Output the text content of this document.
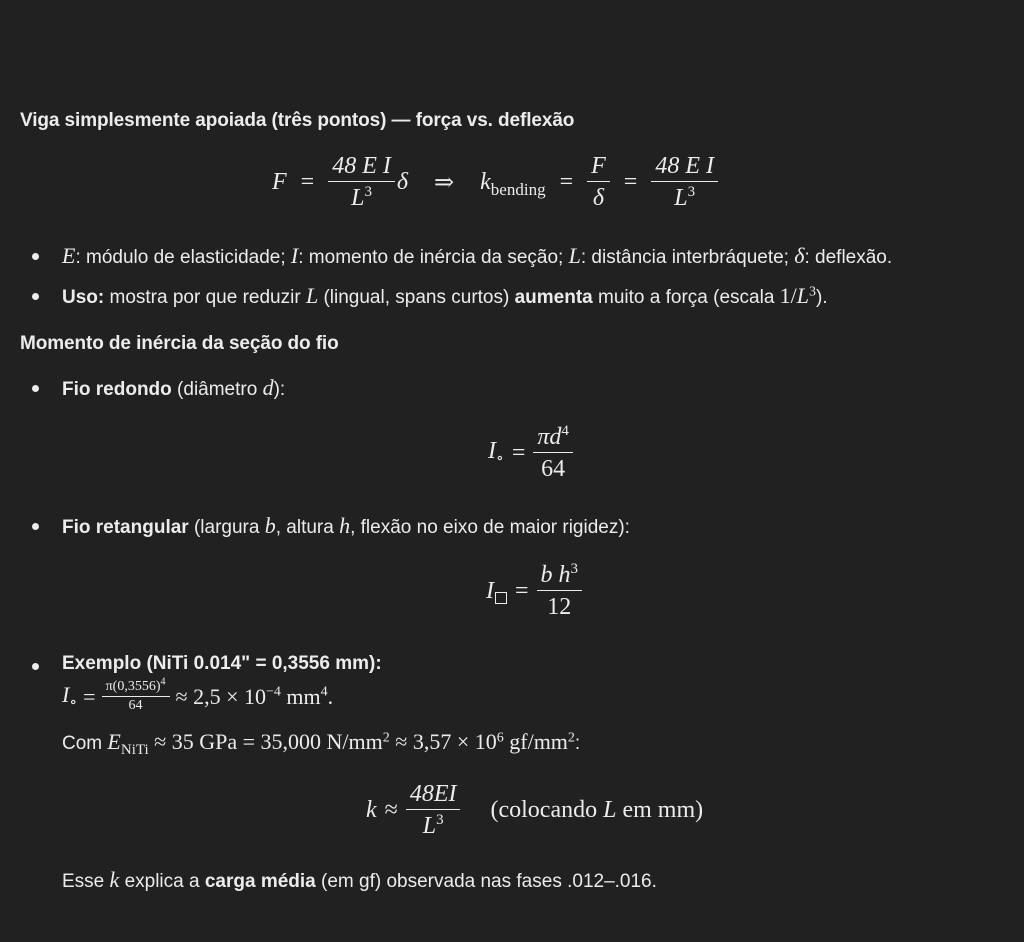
Viga simplesmente apoiada (três pontos) — força vs. deflexão
$F = \frac{\text{48 E I}}{L^3}$ δ ⇒ $k_{bending} = \frac{F}{\delta} = \frac{\text{48 E I}}{L^3}$
E: módulo de elasticidade; I: momento de inércia da seção; L: distância interbráquete; δ: deflexão.
Uso: mostra por que reduzir L (lingual, spans curtos) aumenta muito a força (escala $1/L^3$).
Momento de inércia da seção do fio
Fio redondo (diâmetro d):
$I_\circ = \frac{\pi d^4}{64}$
Fio retangular (largura b, altura h, flexão no eixo de maior rigidez):
$I = \frac{b h^3}{12}$
Exemplo (NiTi 0.014" = 0,3556 mm):
$I_\circ = \frac{\pi(0,3556)^4}{64} \approx 2,5 \times 10^{-4}$ $mm^4$.
Com $E_{NiTi} \approx 35$ GPa = 35,000 $N/mm^2 \approx 3,57 \times 10^6$ $gf/mm^2$:
$k \approx \frac{48EI}{L^3}$ (colocando L em mm)
Esse k explica a carga média (em gf) observada nas fases .012–.016.
